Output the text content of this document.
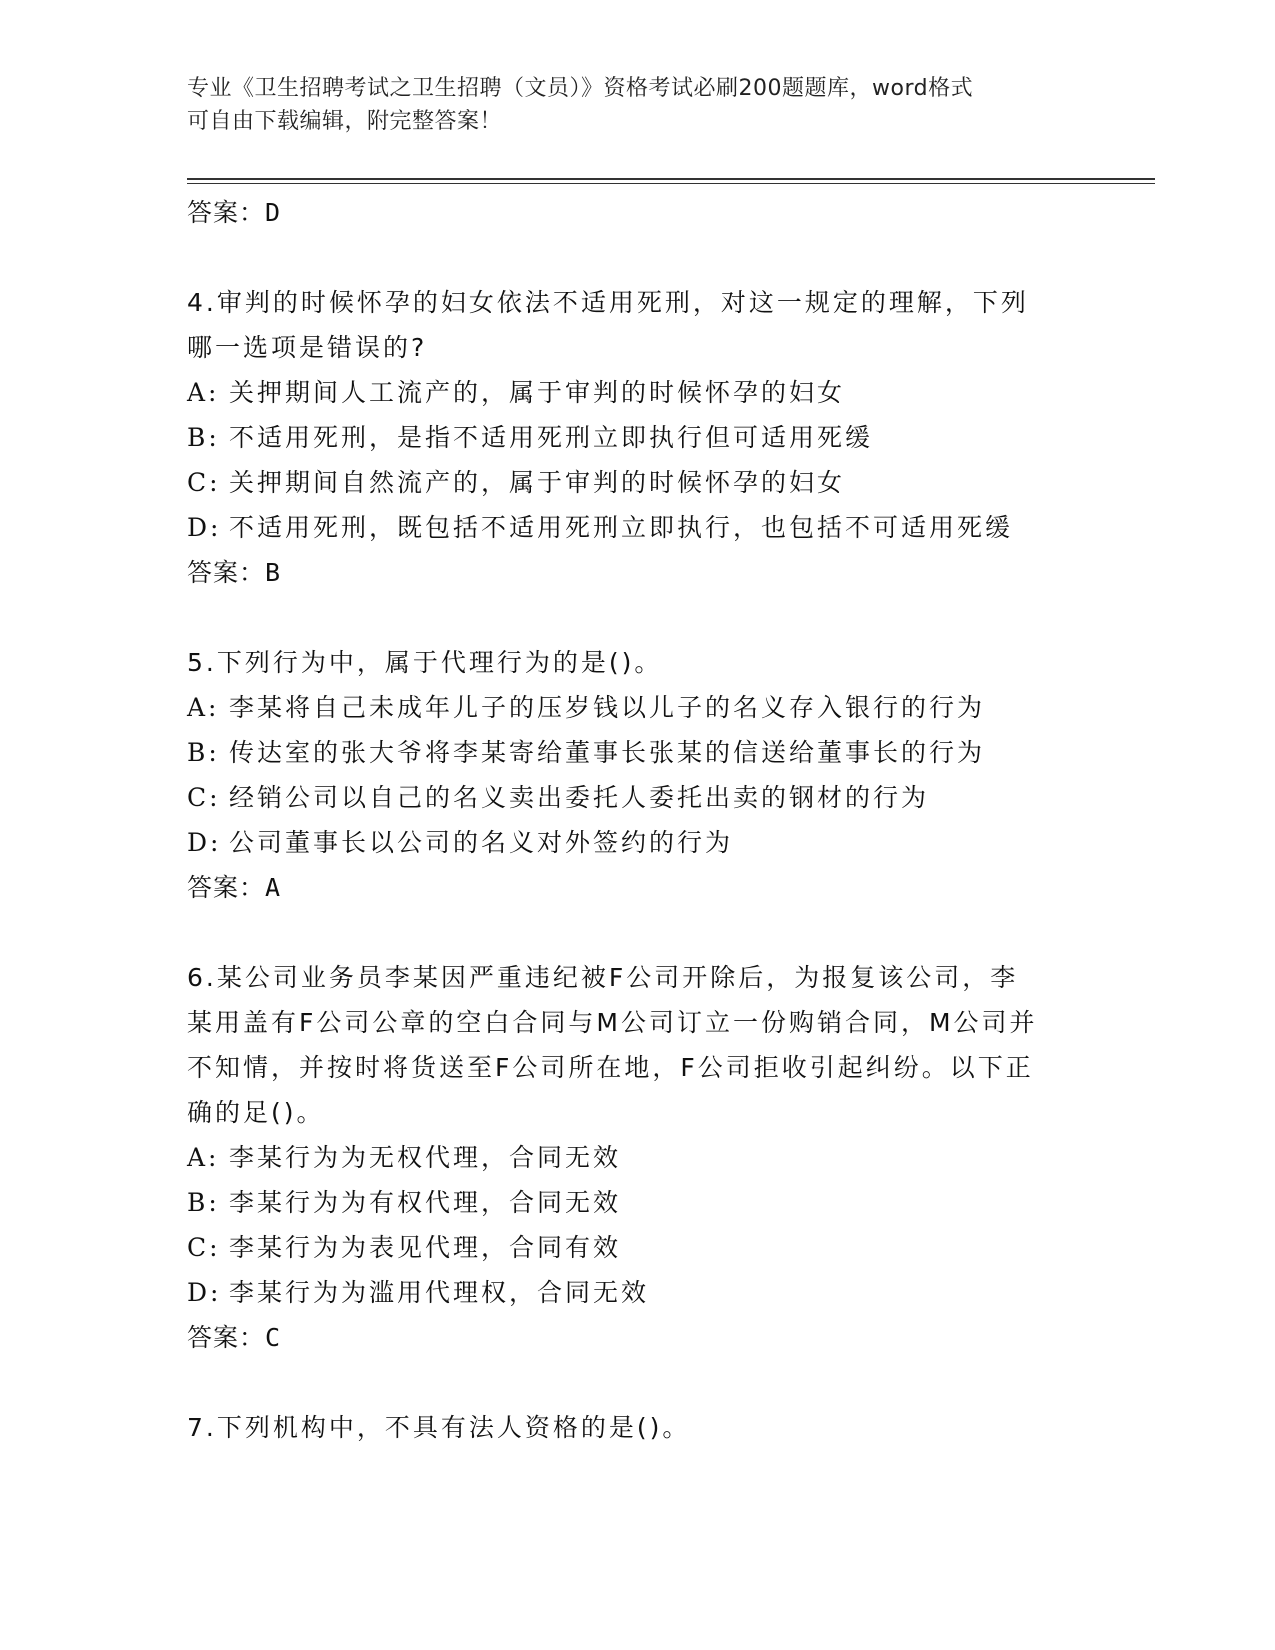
专业《卫生招聘考试之卫生招聘（文员）》资格考试必刷200题题库，word格式
可自由下载编辑，附完整答案！
答案：D
4.审判的时候怀孕的妇女依法不适用死刑，对这一规定的理解，下列
哪一选项是错误的?
A: 关押期间人工流产的，属于审判的时候怀孕的妇女
B: 不适用死刑，是指不适用死刑立即执行但可适用死缓
C: 关押期间自然流产的，属于审判的时候怀孕的妇女
D: 不适用死刑，既包括不适用死刑立即执行，也包括不可适用死缓
答案：B
5.下列行为中，属于代理行为的是()。
A: 李某将自己未成年儿子的压岁钱以儿子的名义存入银行的行为
B: 传达室的张大爷将李某寄给董事长张某的信送给董事长的行为
C: 经销公司以自己的名义卖出委托人委托出卖的钢材的行为
D: 公司董事长以公司的名义对外签约的行为
答案：A
6.某公司业务员李某因严重违纪被F公司开除后，为报复该公司，李
某用盖有F公司公章的空白合同与M公司订立一份购销合同，M公司并
不知情，并按时将货送至F公司所在地，F公司拒收引起纠纷。以下正
确的足()。
A: 李某行为为无权代理，合同无效
B: 李某行为为有权代理，合同无效
C: 李某行为为表见代理，合同有效
D: 李某行为为滥用代理权，合同无效
答案：C
7.下列机构中，不具有法人资格的是()。
